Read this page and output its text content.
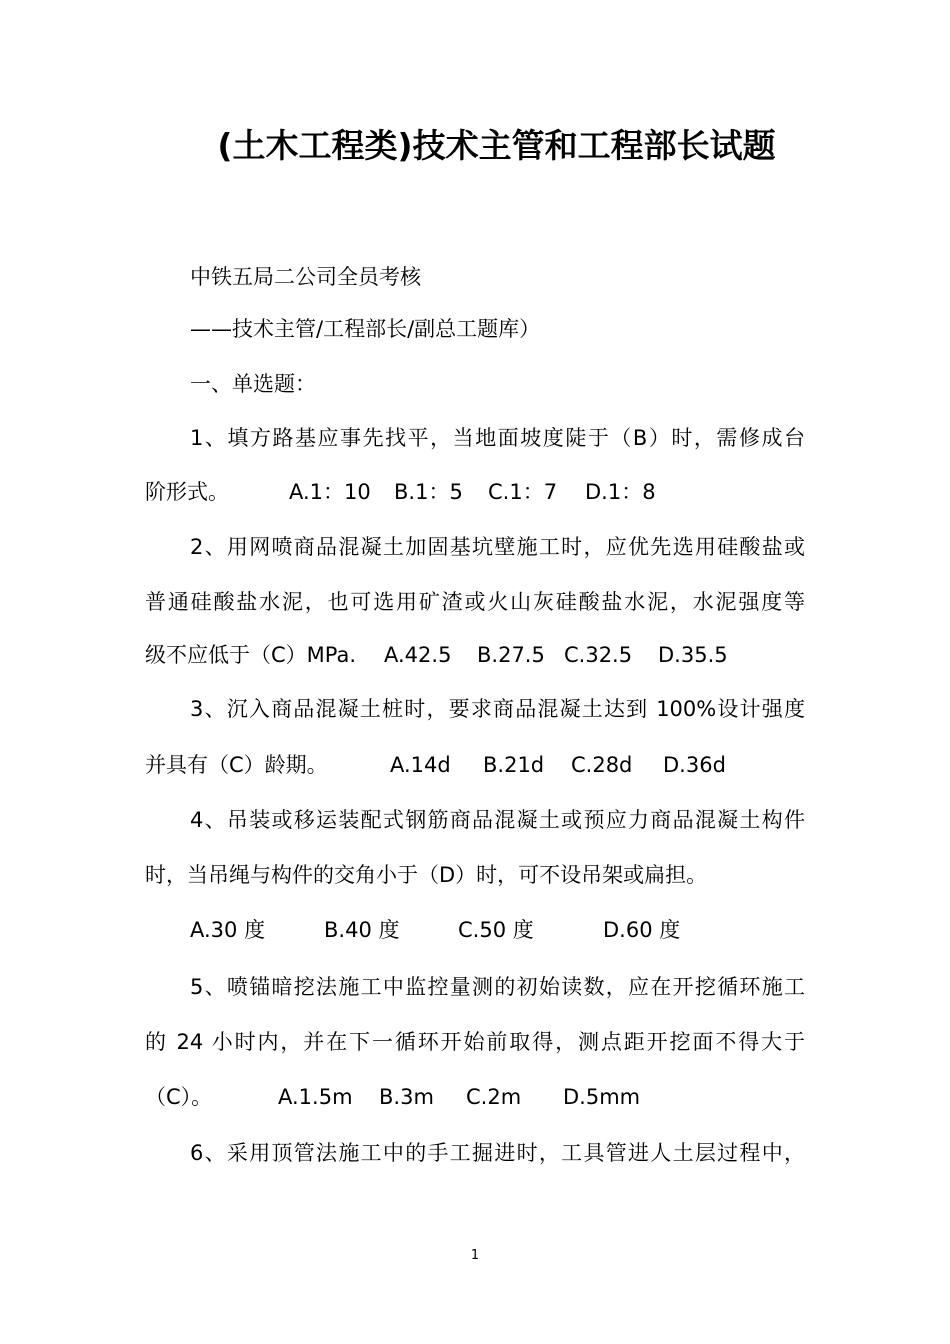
(土木工程类)技术主管和工程部长试题
中铁五局二公司全员考核
——技术主管/工程部长/副总工题库）
一、单选题：
1、填方路基应事先找平，当地面坡度陡于（B）时，需修成台
阶形式。	A.1：10 B.1：5 C.1：7 D.1：8
2、用网喷商品混凝土加固基坑壁施工时，应优先选用硅酸盐或
普通硅酸盐水泥，也可选用矿渣或火山灰硅酸盐水泥，水泥强度等
级不应低于（C）MPa. A.42.5 B.27.5 C.32.5 D.35.5
3、沉入商品混凝土桩时，要求商品混凝土达到 100%设计强度
并具有（C）龄期。	A.14d B.21d C.28d D.36d
4、吊装或移运装配式钢筋商品混凝土或预应力商品混凝土构件
时，当吊绳与构件的交角小于（D）时，可不设吊架或扁担。
A.30 度	B.40 度	C.50 度	D.60 度
5、喷锚暗挖法施工中监控量测的初始读数，应在开挖循环施工
的 24 小时内，并在下一循环开始前取得，测点距开挖面不得大于
（C）。	A.1.5m B.3m C.2m D.5mm
6、采用顶管法施工中的手工掘进时，工具管进人土层过程中，
1
